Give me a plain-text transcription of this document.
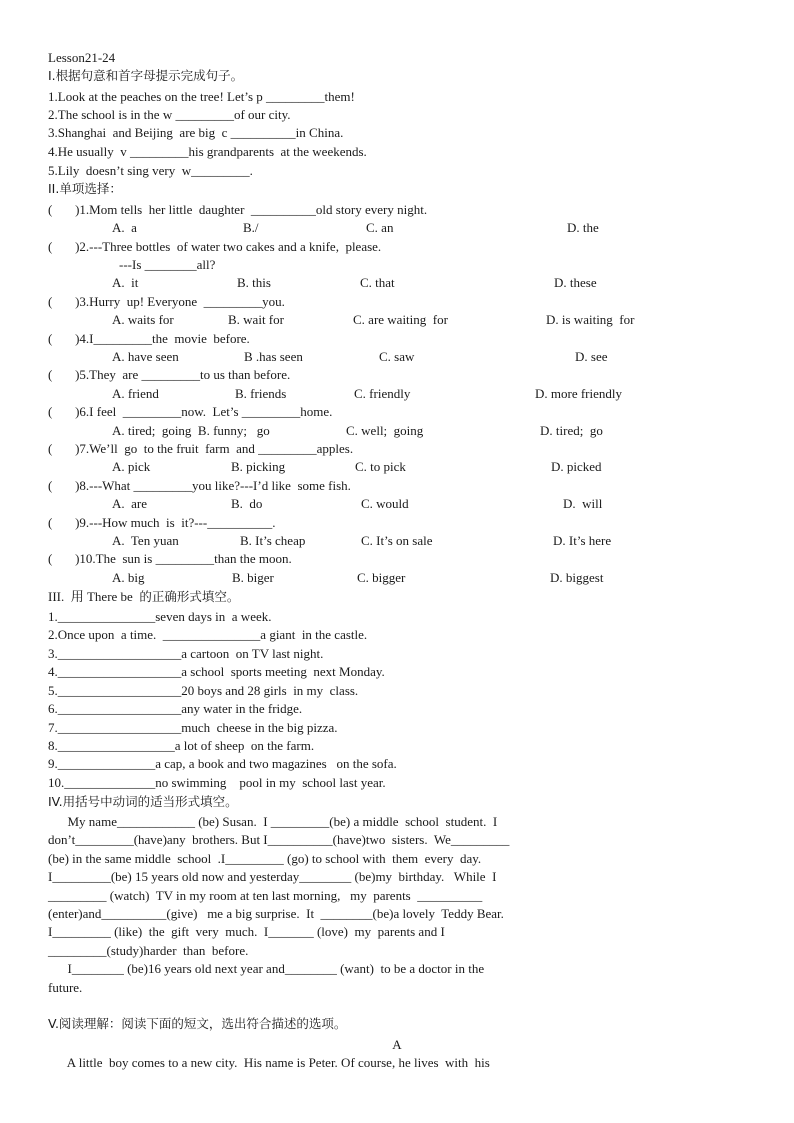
Lesson21-24
I.根据句意和首字母提示完成句子。
1.Look at the peaches on the tree! Let’s p _________them!
2.The school is in the w _________of our city.
3.Shanghai  and Beijing  are big  c __________in China.
4.He usually  v _________his grandparents  at the weekends.
5.Lily  doesn’t sing very  w_________.
II.单项选择：
(       )1.Mom tells  her little  daughter  __________old story every night.
A.  a	B./	C. an	D. the
(       )2.---Three bottles  of water two cakes and a knife,  please.
---Is ________all?
A.  it	B. this	C. that	D. these
(       )3.Hurry  up! Everyone  _________you.
A. waits for	B. wait for	C. are waiting  for	D. is waiting  for
(       )4.I_________the  movie  before.
A. have seen	B .has seen	C. saw	D. see
(       )5.They  are _________to us than before.
A. friend	B. friends	C. friendly	D. more friendly
(       )6.I feel  _________now.  Let’s _________home.
A. tired;  going  B. funny;   go	C. well;  going	D. tired;  go
(       )7.We’ll  go  to the fruit  farm  and _________apples.
A. pick	B. picking	C. to pick	D. picked
(       )8.---What _________you like?---I’d like  some fish.
A.  are	B.  do	C. would	D.  will
(       )9.---How much  is  it?---__________.
A.  Ten yuan	B. It’s cheap	C. It’s on sale	D. It’s here
(       )10.The  sun is _________than the moon.
A. big	B. biger	C. bigger	D. biggest
III.  用 There be  的正确形式填空。
1._______________seven days in  a week.
2.Once upon  a time.  _______________a giant  in the castle.
3.___________________a cartoon  on TV last night.
4.___________________a school  sports meeting  next Monday.
5.___________________20 boys and 28 girls  in my  class.
6.___________________any water in the fridge.
7.___________________much  cheese in the big pizza.
8.__________________a lot of sheep  on the farm.
9._______________a cap, a book and two magazines   on the sofa.
10.______________no swimming    pool in my  school last year.
IV.用括号中动词的适当形式填空。
My name____________ (be) Susan.  I _________(be) a middle  school  student.  I
don’t_________(have)any  brothers. But I__________(have)two  sisters.  We_________
(be) in the same middle  school  .I_________ (go) to school with  them  every  day.
I_________(be) 15 years old now and yesterday________ (be)my  birthday.   While  I
_________ (watch)  TV in my room at ten last morning,   my  parents  __________
(enter)and__________(give)   me a big surprise.  It  ________(be)a lovely  Teddy Bear.
I_________ (like)  the  gift  very  much.  I_______ (love)  my  parents and I
_________(study)harder  than  before.
I________ (be)16 years old next year and________ (want)  to be a doctor in the
future.
V.阅读理解：阅读下面的短文，选出符合描述的选项。
A
A little  boy comes to a new city.  His name is Peter. Of course, he lives  with  his
